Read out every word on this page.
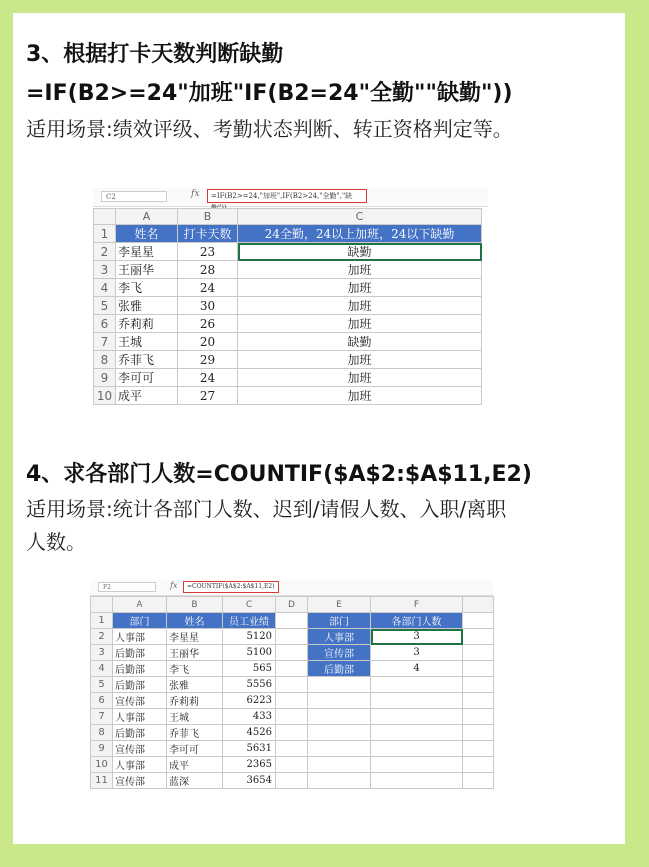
3、根据打卡天数判断缺勤
=IF(B2>=24"加班"IF(B2=24"全勤""缺勤"))
适用场景:绩效评级、考勤状态判断、转正资格判定等。
C2	fx	=IF(B2>=24,"加班",IF(B2>24,"全勤","缺
	A	B	C
1	姓名	打卡天数	24全勤，24以上加班，24以下缺勤
2	李星星	23	缺勤
3	王丽华	28	加班
4	李飞	24	加班
5	张雅	30	加班
6	乔莉莉	26	加班
7	王城	20	缺勤
8	乔菲飞	29	加班
9	李可可	24	加班
10	成平	27	加班
4、求各部门人数=COUNTIF($A$2:$A$11,E2)
适用场景:统计各部门人数、迟到/请假人数、入职/离职
人数。
F2	fx	=COUNTIF($A$2:$A$11,E2)
	A	B	C	D	E	F	
1	部门	姓名	员工业绩		部门	各部门人数	
2	人事部	李星星	5120		人事部	3	
3	后勤部	王丽华	5100		宣传部	3	
4	后勤部	李飞	565		后勤部	4	
5	后勤部	张雅	5556				
6	宣传部	乔莉莉	6223				
7	人事部	王城	433				
8	后勤部	乔菲飞	4526				
9	宣传部	李可可	5631				
10	人事部	成平	2365				
11	宣传部	蓝深	3654				
